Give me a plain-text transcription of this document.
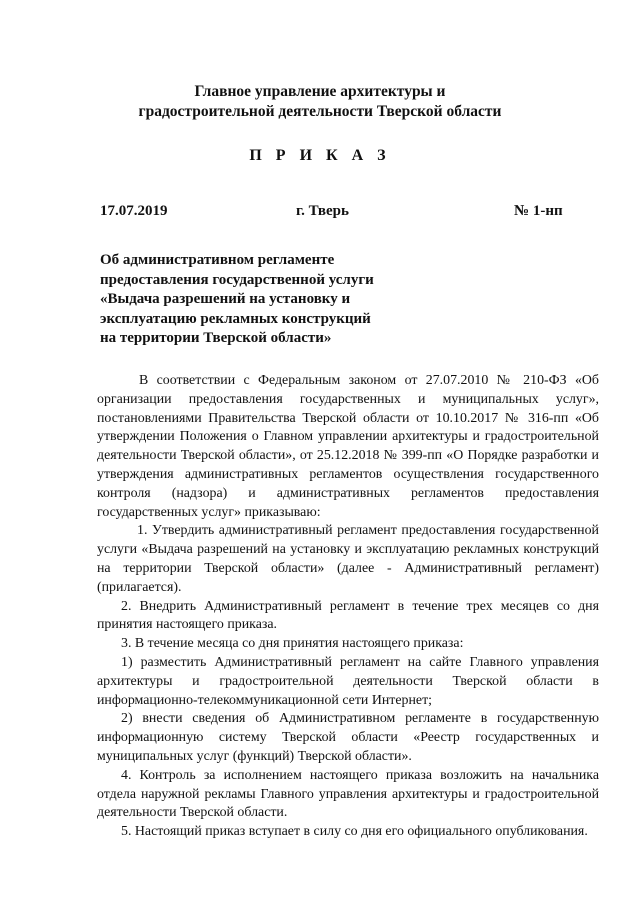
Главное управление архитектуры и
градостроительной деятельности Тверской области
П Р И К А З
17.07.2019	г. Тверь	№ 1-нп
Об административном регламенте
предоставления государственной услуги
«Выдача разрешений на установку и
эксплуатацию рекламных конструкций
на территории Тверской области»

В соответствии с Федеральным законом от 27.07.2010 № 210-ФЗ «Об организации предоставления государственных и муниципальных услуг», постановлениями Правительства Тверской области от 10.10.2017 № 316-пп «Об утверждении Положения о Главном управлении архитектуры и градостроительной деятельности Тверской области», от 25.12.2018 № 399-пп «О Порядке разработки и утверждения административных регламентов осуществления государственного контроля (надзора) и административных регламентов предоставления государственных услуг» приказываю:

1. Утвердить административный регламент предоставления государственной услуги «Выдача разрешений на установку и эксплуатацию рекламных конструкций на территории Тверской области» (далее - Административный регламент) (прилагается).

2. Внедрить Административный регламент в течение трех месяцев со дня принятия настоящего приказа.

3. В течение месяца со дня принятия настоящего приказа:

1) разместить Административный регламент на сайте Главного управления архитектуры и градостроительной деятельности Тверской области в информационно-телекоммуникационной сети Интернет;

2) внести сведения об Административном регламенте в государственную информационную систему Тверской области «Реестр государственных и муниципальных услуг (функций) Тверской области».

4. Контроль за исполнением настоящего приказа возложить на начальника отдела наружной рекламы Главного управления архитектуры и градостроительной деятельности Тверской области.

5. Настоящий приказ вступает в силу со дня его официального опубликования.
